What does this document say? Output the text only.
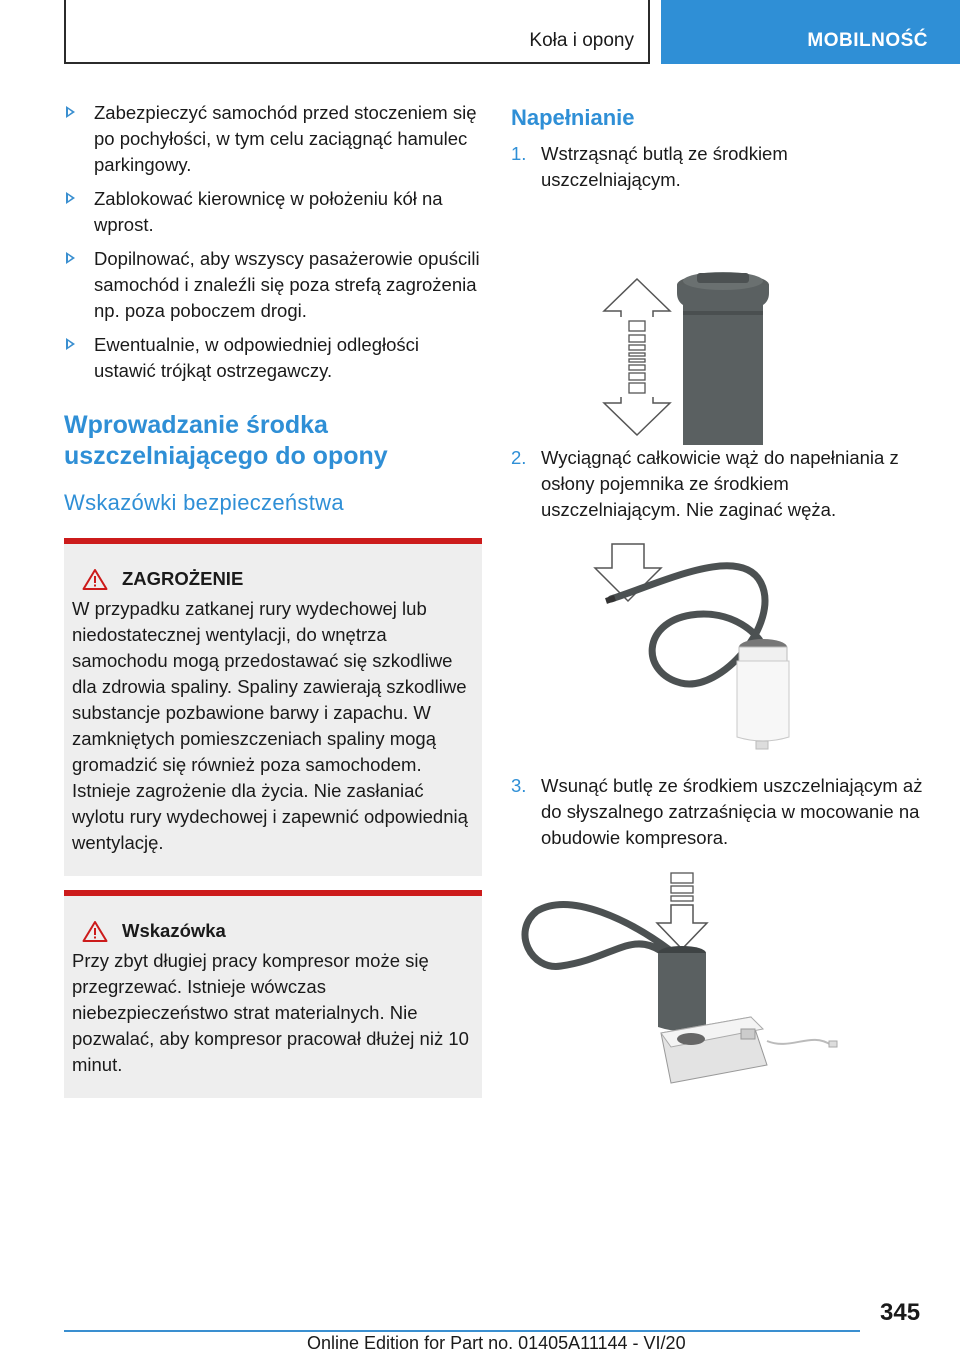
Koła i opony	MOBILNOŚĆ
Zabezpieczyć samochód przed stoczeniem się po pochyłości, w tym celu zaciągnąć hamulec parkingowy.
Zablokować kierownicę w położeniu kół na wprost.
Dopilnować, aby wszyscy pasażerowie opuścili samochód i znaleźli się poza strefą zagrożenia np. poza poboczem drogi.
Ewentualnie, w odpowiedniej odległości ustawić trójkąt ostrzegawczy.
Wprowadzanie środka uszczelniającego do opony
Wskazówki bezpieczeństwa
ZAGROŻENIE

W przypadku zatkanej rury wydechowej lub niedostatecznej wentylacji, do wnętrza samochodu mogą przedostawać się szkodliwe dla zdrowia spaliny. Spaliny zawierają szkodliwe substancje pozbawione barwy i zapachu. W zamkniętych pomieszczeniach spaliny mogą gromadzić się również poza samochodem. Istnieje zagrożenie dla życia. Nie zasłaniać wylotu rury wydechowej i zapewnić odpowiednią wentylację.

Wskazówka

Przy zbyt długiej pracy kompresor może się przegrzewać. Istnieje wówczas niebezpieczeństwo strat materialnych. Nie pozwalać, aby kompresor pracował dłużej niż 10 minut.

Napełnianie
1. Wstrząsnąć butlą ze środkiem uszczelniającym.
2. Wyciągnąć całkowicie wąż do napełniania z osłony pojemnika ze środkiem uszczelniającym. Nie zaginać węża.
3. Wsunąć butlę ze środkiem uszczelniającym aż do słyszalnego zatrzaśnięcia w mocowanie na obudowie kompresora.
345
Online Edition for Part no. 01405A11144 - VI/20
